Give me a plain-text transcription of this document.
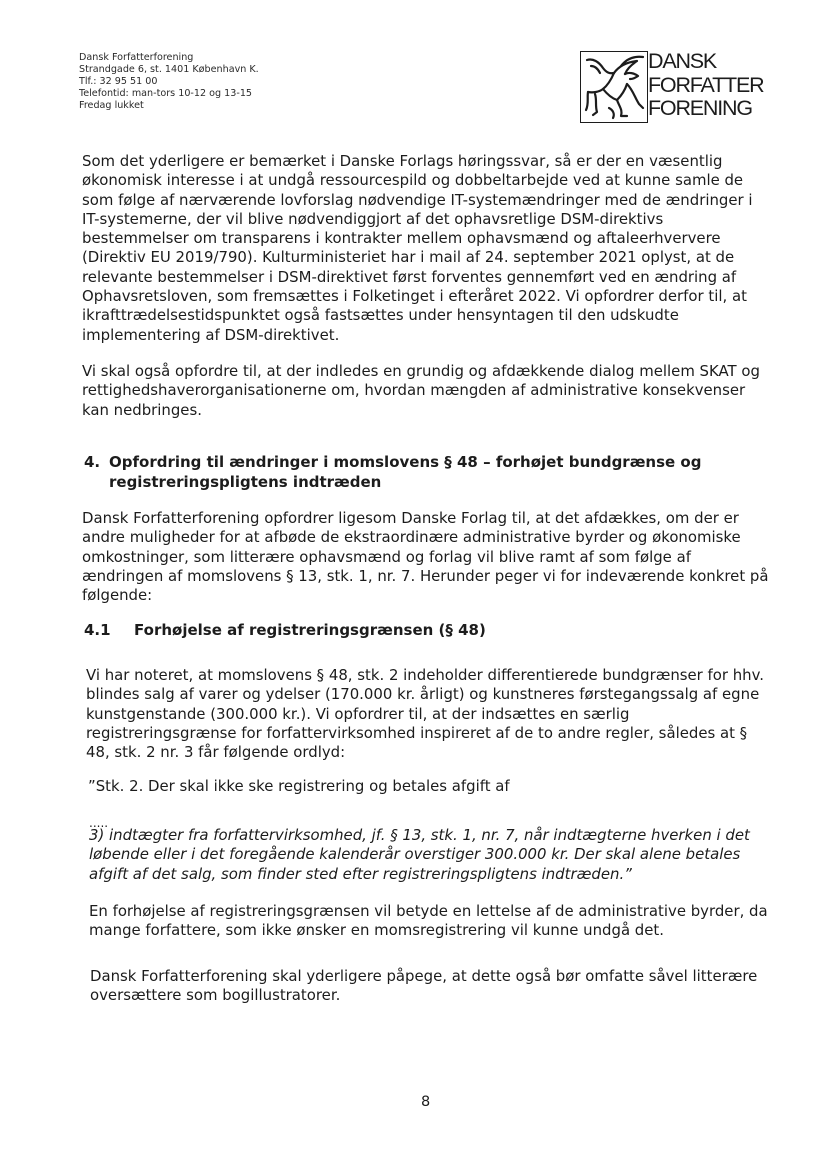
Dansk Forfatterforening
Strandgade 6, st. 1401 København K.
Tlf.: 32 95 51 00
Telefontid: man-tors 10-12 og 13-15
Fredag lukket
DANSK
FORFATTER
FORENING

Som det yderligere er bemærket i Danske Forlags høringssvar, så er der en væsentlig økonomisk interesse i at undgå ressourcespild og dobbeltarbejde ved at kunne samle de som følge af nærværende lovforslag nødvendige IT-systemændringer med de ændringer i IT-systemerne, der vil blive nødvendiggjort af det ophavsretlige DSM-direktivs bestemmelser om transparens i kontrakter mellem ophavsmænd og aftaleerhververe (Direktiv EU 2019/790). Kulturministeriet har i mail af 24. september 2021 oplyst, at de relevante bestemmelser i DSM-direktivet først forventes gennemført ved en ændring af Ophavsretsloven, som fremsættes i Folketinget i efteråret 2022. Vi opfordrer derfor til, at ikrafttrædelsestidspunktet også fastsættes under hensyntagen til den udskudte implementering af DSM-direktivet.

Vi skal også opfordre til, at der indledes en grundig og afdækkende dialog mellem SKAT og rettighedshaverorganisationerne om, hvordan mængden af administrative konsekvenser kan nedbringes.

4. Opfordring til ændringer i momslovens § 48 – forhøjet bundgrænse og registreringspligtens indtræden

Dansk Forfatterforening opfordrer ligesom Danske Forlag til, at det afdækkes, om der er andre muligheder for at afbøde de ekstraordinære administrative byrder og økonomiske omkostninger, som litterære ophavsmænd og forlag vil blive ramt af som følge af ændringen af momslovens § 13, stk. 1, nr. 7. Herunder peger vi for indeværende konkret på følgende:

4.1 Forhøjelse af registreringsgrænsen (§ 48)

Vi har noteret, at momslovens § 48, stk. 2 indeholder differentierede bundgrænser for hhv. blindes salg af varer og ydelser (170.000 kr. årligt) og kunstneres førstegangssalg af egne kunstgenstande (300.000 kr.). Vi opfordrer til, at der indsættes en særlig registreringsgrænse for forfattervirksomhed inspireret af de to andre regler, således at § 48, stk. 2 nr. 3 får følgende ordlyd:

”Stk. 2. Der skal ikke ske registrering og betales afgift af

.....

3) indtægter fra forfattervirksomhed, jf. § 13, stk. 1, nr. 7, når indtægterne hverken i det løbende eller i det foregående kalenderår overstiger 300.000 kr. Der skal alene betales afgift af det salg, som finder sted efter registreringspligtens indtræden.”

En forhøjelse af registreringsgrænsen vil betyde en lettelse af de administrative byrder, da mange forfattere, som ikke ønsker en momsregistrering vil kunne undgå det.

Dansk Forfatterforening skal yderligere påpege, at dette også bør omfatte såvel litterære oversættere som bogillustratorer.

8
